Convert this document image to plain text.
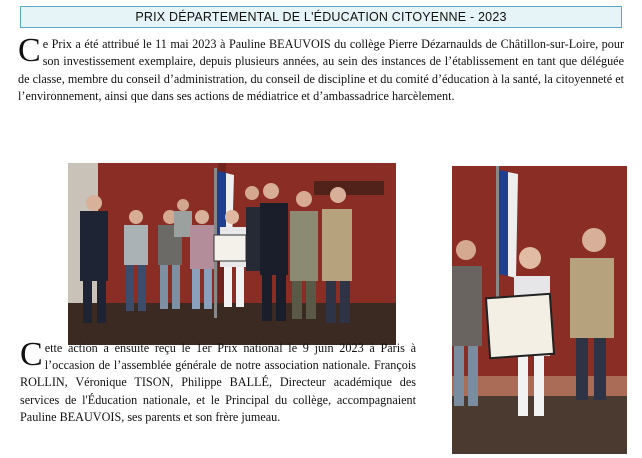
PRIX DÉPARTEMENTAL DE L'ÉDUCATION CITOYENNE - 2023

Ce Prix a été attribué le 11 mai 2023 à Pauline BEAUVOIS du collège Pierre Dézarnaulds de Châtillon-sur-Loire, pour son investissement exemplaire, depuis plusieurs années, au sein des instances de l’établissement en tant que déléguée de classe, membre du conseil d’administration, du conseil de discipline et du comité d’éducation à la santé, la citoyenneté et l’environnement, ainsi que dans ses actions de médiatrice et d’ambassadrice harcèlement.

Cette action a ensuite reçu le 1er Prix national le 9 juin 2023 à Paris à l’occasion de l’assemblée générale de notre association nationale. François ROLLIN, Véronique TISON, Philippe BALLÉ, Directeur académique des services de l'Éducation nationale, et le Principal du collège, accompagnaient Pauline BEAUVOIS, ses parents et son frère jumeau.
